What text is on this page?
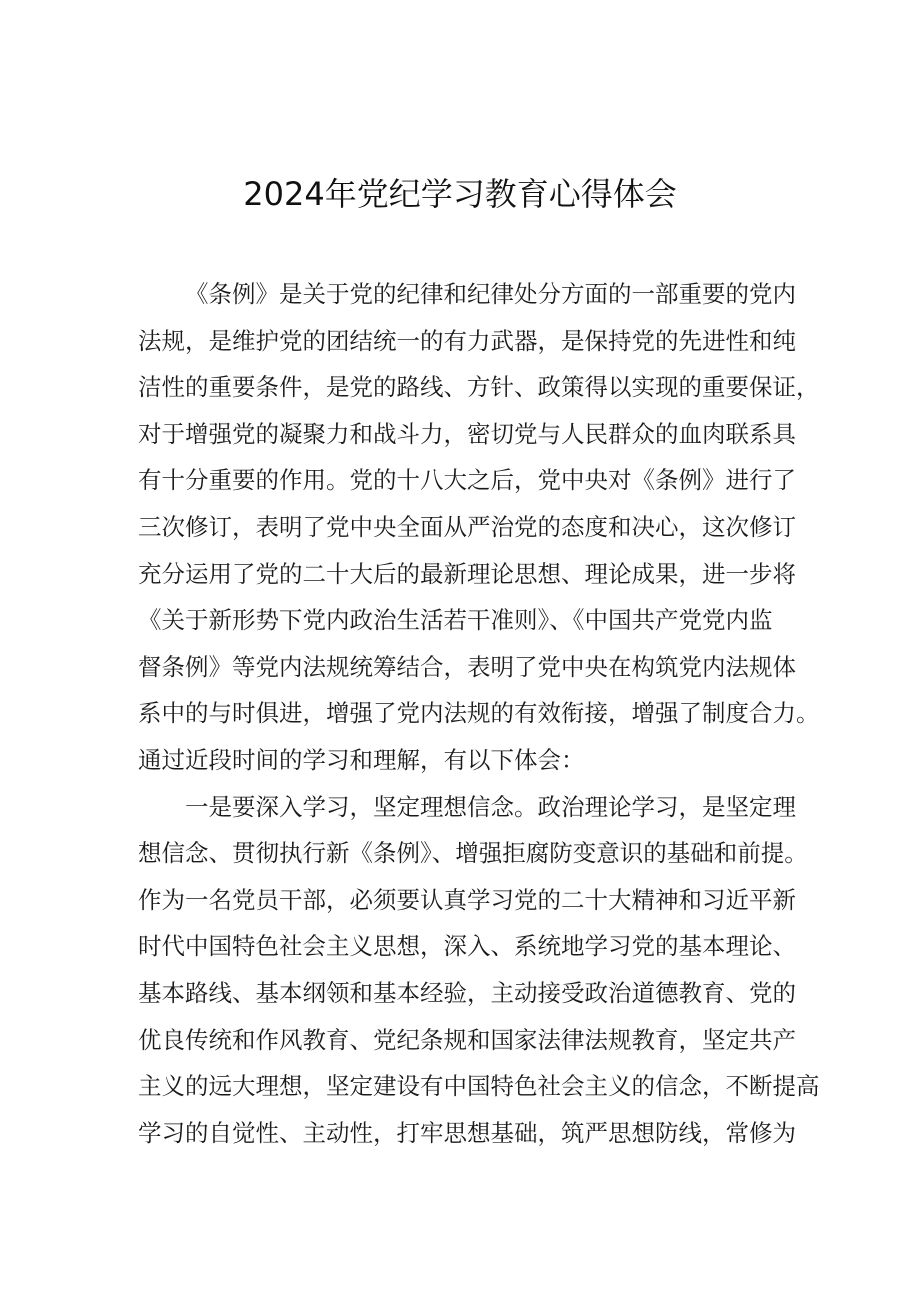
2024年党纪学习教育心得体会
《条例》是关于党的纪律和纪律处分方面的一部重要的党内
法规，是维护党的团结统一的有力武器，是保持党的先进性和纯
洁性的重要条件，是党的路线、方针、政策得以实现的重要保证，
对于增强党的凝聚力和战斗力，密切党与人民群众的血肉联系具
有十分重要的作用。党的十八大之后，党中央对《条例》进行了
三次修订，表明了党中央全面从严治党的态度和决心，这次修订
充分运用了党的二十大后的最新理论思想、理论成果，进一步将
《关于新形势下党内政治生活若干准则》、《中国共产党党内监
督条例》等党内法规统筹结合，表明了党中央在构筑党内法规体
系中的与时俱进，增强了党内法规的有效衔接，增强了制度合力。
通过近段时间的学习和理解，有以下体会：
一是要深入学习，坚定理想信念。政治理论学习，是坚定理
想信念、贯彻执行新《条例》、增强拒腐防变意识的基础和前提。
作为一名党员干部，必须要认真学习党的二十大精神和习近平新
时代中国特色社会主义思想，深入、系统地学习党的基本理论、
基本路线、基本纲领和基本经验，主动接受政治道德教育、党的
优良传统和作风教育、党纪条规和国家法律法规教育，坚定共产
主义的远大理想，坚定建设有中国特色社会主义的信念，不断提高
学习的自觉性、主动性，打牢思想基础，筑严思想防线，常修为
